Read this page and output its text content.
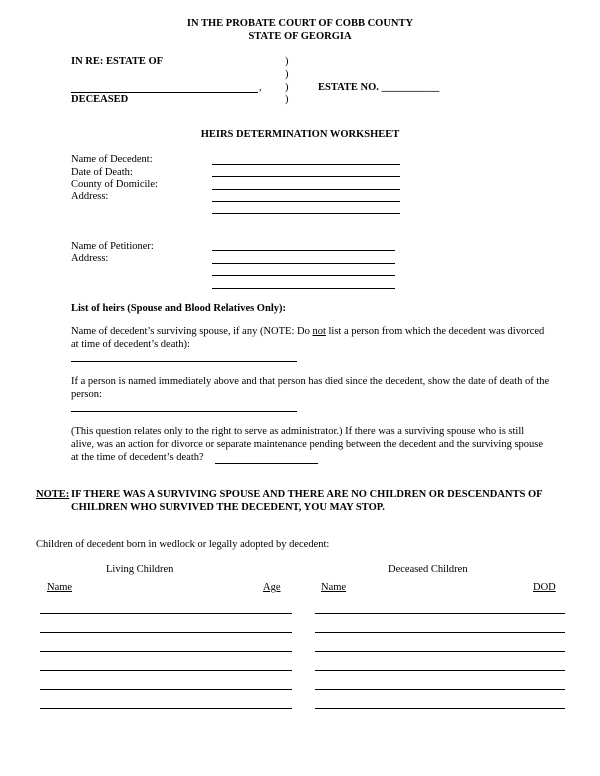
IN THE PROBATE COURT OF COBB COUNTY
STATE OF GEORGIA
IN RE: ESTATE OF	)
)
, )	ESTATE NO. ___________
DECEASED	)
HEIRS DETERMINATION WORKSHEET
Name of Decedent:
Date of Death:
County of Domicile:
Address:
Name of Petitioner:
Address:
List of heirs (Spouse and Blood Relatives Only):
Name of decedent’s surviving spouse, if any (NOTE: Do not list a person from which the decedent was divorced
at time of decedent’s death):
If a person is named immediately above and that person has died since the decedent, show the date of death of the
person:
(This question relates only to the right to serve as administrator.) If there was a surviving spouse who is still
alive, was an action for divorce or separate maintenance pending between the decedent and the surviving spouse
at the time of decedent’s death?
NOTE: IF THERE WAS A SURVIVING SPOUSE AND THERE ARE NO CHILDREN OR DESCENDANTS OF
CHILDREN WHO SURVIVED THE DECEDENT, YOU MAY STOP.
Children of decedent born in wedlock or legally adopted by decedent:
Living Children	Deceased Children
Name	Age	Name	DOD
